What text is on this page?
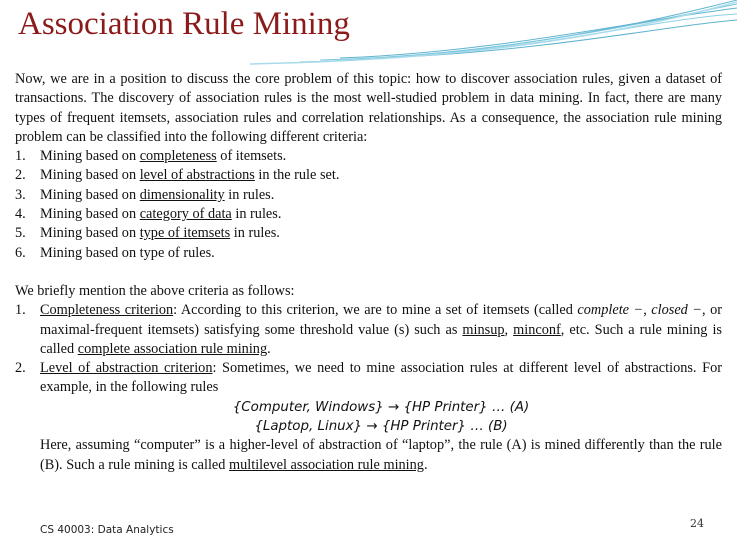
Association Rule Mining

Now, we are in a position to discuss the core problem of this topic: how to discover association rules, given a dataset of transactions. The discovery of association rules is the most well-studied problem in data mining. In fact, there are many types of frequent itemsets, association rules and correlation relationships. As a consequence, the association rule mining problem can be classified into the following different criteria:

1. Mining based on completeness of itemsets.
2. Mining based on level of abstractions in the rule set.
3. Mining based on dimensionality in rules.
4. Mining based on category of data in rules.
5. Mining based on type of itemsets in rules.
6. Mining based on type of rules.

We briefly mention the above criteria as follows:

1. Completeness criterion: According to this criterion, we are to mine a set of itemsets (called complete −, closed −, or maximal-frequent itemsets) satisfying some threshold value (s) such as minsup, minconf, etc. Such a rule mining is called complete association rule mining.
2. Level of abstraction criterion: Sometimes, we need to mine association rules at different level of abstractions. For example, in the following rules
{Computer, Windows} → {HP Printer} … (A)
{Laptop, Linux} → {HP Printer} … (B)
Here, assuming “computer” is a higher-level of abstraction of “laptop”, the rule (A) is mined differently than the rule (B). Such a rule mining is called multilevel association rule mining.
CS 40003: Data Analytics	24
